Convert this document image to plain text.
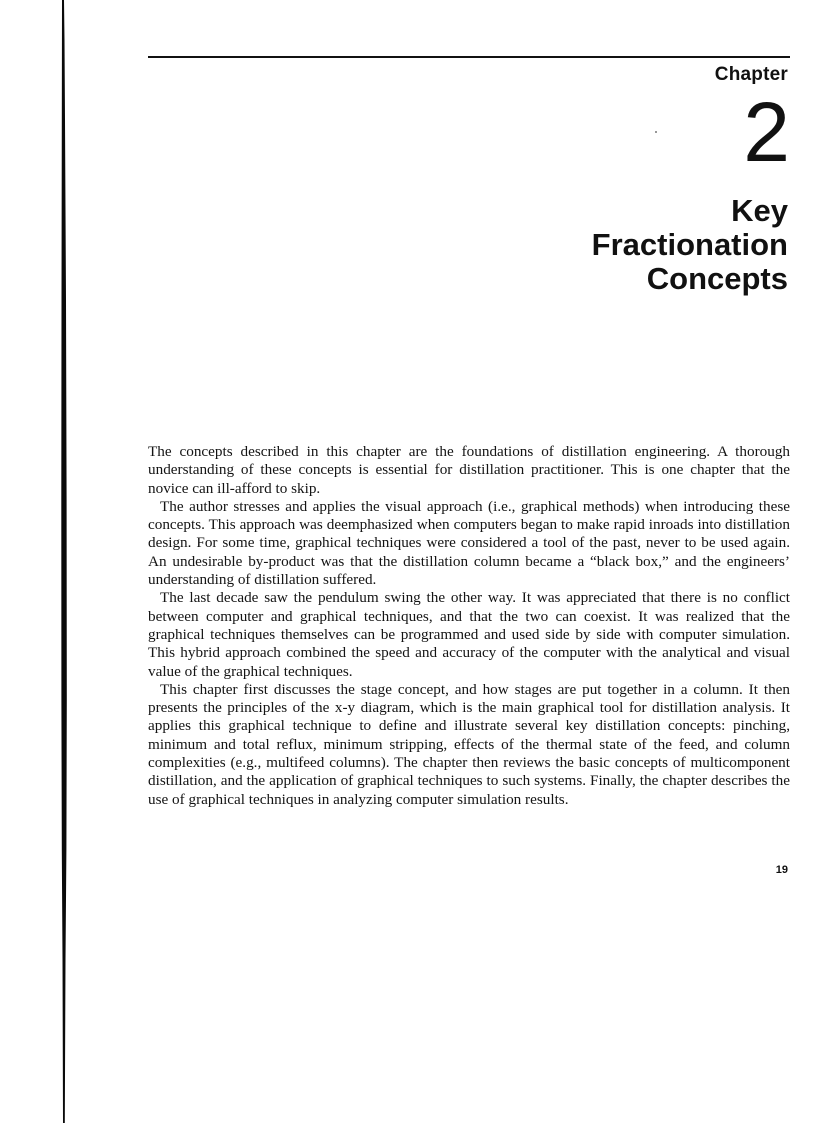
Chapter
2
Key
Fractionation
Concepts

The concepts described in this chapter are the foundations of distillation engineering. A thorough understanding of these concepts is essential for distillation practitioner. This is one chapter that the novice can ill-afford to skip.

The author stresses and applies the visual approach (i.e., graphical methods) when introducing these concepts. This approach was deemphasized when computers began to make rapid inroads into distillation design. For some time, graphical techniques were considered a tool of the past, never to be used again. An undesirable by-product was that the distillation column became a “black box,” and the engineers’ understanding of distillation suffered.

The last decade saw the pendulum swing the other way. It was appreciated that there is no conflict between computer and graphical techniques, and that the two can coexist. It was realized that the graphical techniques themselves can be programmed and used side by side with computer simulation. This hybrid approach combined the speed and accuracy of the computer with the analytical and visual value of the graphical techniques.

This chapter first discusses the stage concept, and how stages are put together in a column. It then presents the principles of the x-y diagram, which is the main graphical tool for distillation analysis. It applies this graphical technique to define and illustrate several key distillation concepts: pinching, minimum and total reflux, minimum stripping, effects of the thermal state of the feed, and column complexities (e.g., multifeed columns). The chapter then reviews the basic concepts of multicomponent distillation, and the application of graphical techniques to such systems. Finally, the chapter describes the use of graphical techniques in analyzing computer simulation results.

19
